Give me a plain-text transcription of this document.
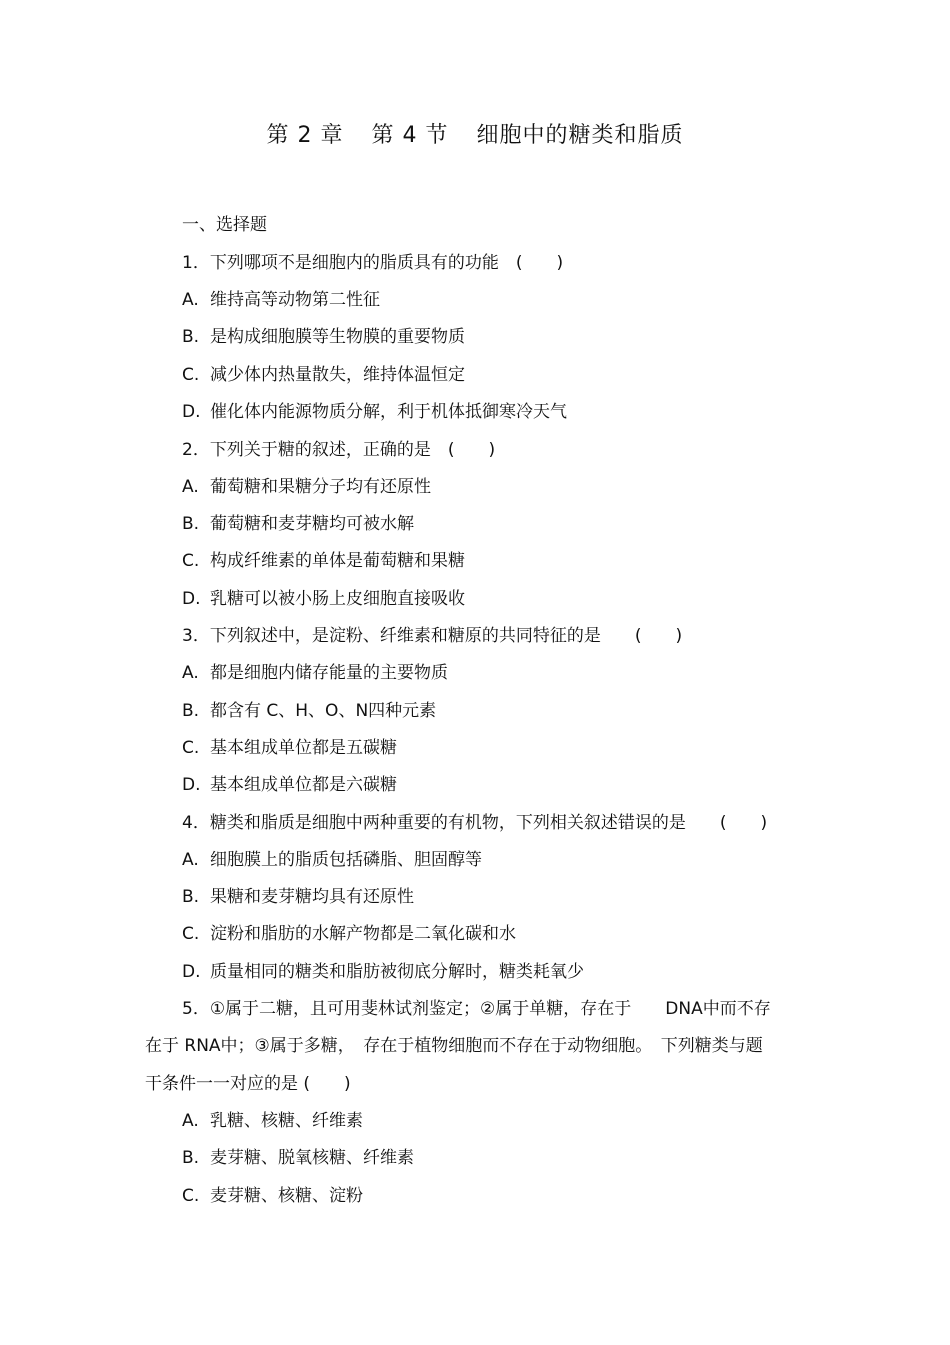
第 2 章 第 4 节 细胞中的糖类和脂质
一、选择题
1．下列哪项不是细胞内的脂质具有的功能　(　　)
A. 维持高等动物第二性征
B. 是构成细胞膜等生物膜的重要物质
C. 减少体内热量散失，维持体温恒定
D. 催化体内能源物质分解，利于机体抵御寒冷天气
2．下列关于糖的叙述，正确的是　(　　)
A. 葡萄糖和果糖分子均有还原性
B. 葡萄糖和麦芽糖均可被水解
C. 构成纤维素的单体是葡萄糖和果糖
D. 乳糖可以被小肠上皮细胞直接吸收
3．下列叙述中，是淀粉、纤维素和糖原的共同特征的是　　(　　)
A. 都是细胞内储存能量的主要物质
B. 都含有 C、H、O、N四种元素
C. 基本组成单位都是五碳糖
D. 基本组成单位都是六碳糖
4．糖类和脂质是细胞中两种重要的有机物，下列相关叙述错误的是　　(　　)
A. 细胞膜上的脂质包括磷脂、胆固醇等
B. 果糖和麦芽糖均具有还原性
C. 淀粉和脂肪的水解产物都是二氧化碳和水
D. 质量相同的糖类和脂肪被彻底分解时，糖类耗氧少
5．①属于二糖，且可用斐林试剂鉴定；②属于单糖，存在于　　DNA中而不存
在于 RNA中；③属于多糖，　存在于植物细胞而不存在于动物细胞。　下列糖类与题
干条件一一对应的是 (　　)
A. 乳糖、核糖、纤维素
B. 麦芽糖、脱氧核糖、纤维素
C. 麦芽糖、核糖、淀粉
